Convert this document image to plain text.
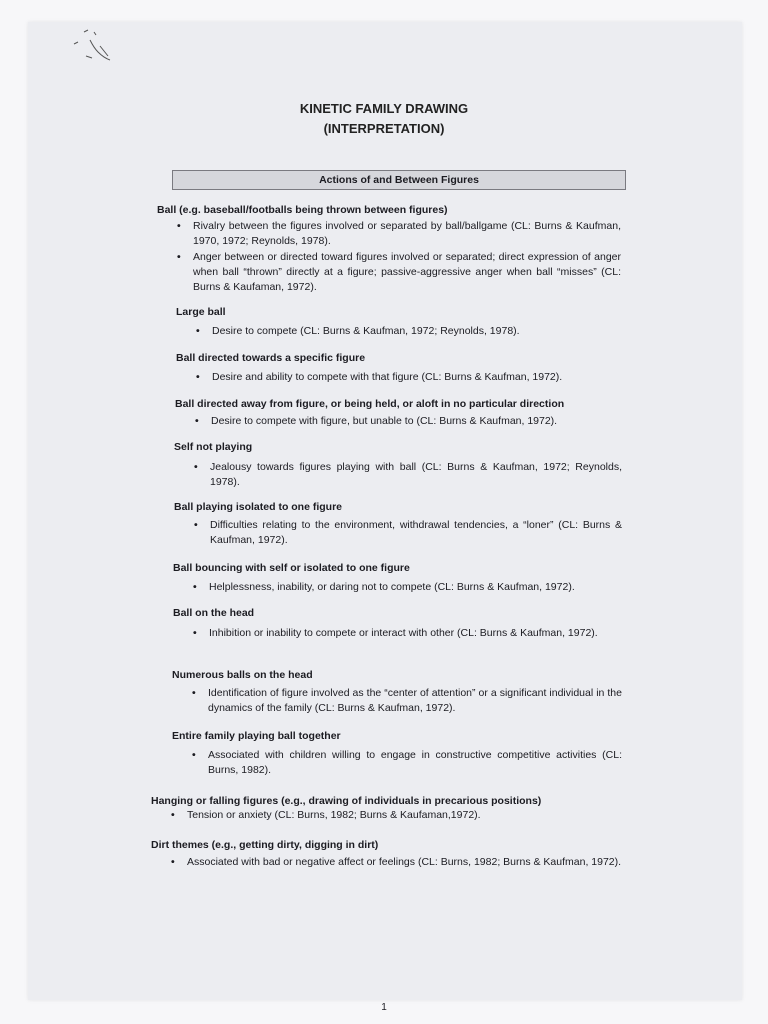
KINETIC FAMILY DRAWING
(INTERPRETATION)
Actions of and Between Figures
Ball (e.g. baseball/footballs being thrown between figures)
• Rivalry between the figures involved or separated by ball/ballgame (CL: Burns & Kaufman, 1970, 1972; Reynolds, 1978).
• Anger between or directed toward figures involved or separated; direct expression of anger when ball “thrown” directly at a figure; passive-aggressive anger when ball “misses” (CL: Burns & Kaufaman, 1972).
Large ball
• Desire to compete (CL: Burns & Kaufman, 1972; Reynolds, 1978).
Ball directed towards a specific figure
• Desire and ability to compete with that figure (CL: Burns & Kaufman, 1972).
Ball directed away from figure, or being held, or aloft in no particular direction
• Desire to compete with figure, but unable to (CL: Burns & Kaufman, 1972).
Self not playing
• Jealousy towards figures playing with ball (CL: Burns & Kaufman, 1972; Reynolds, 1978).
Ball playing isolated to one figure
• Difficulties relating to the environment, withdrawal tendencies, a “loner” (CL: Burns & Kaufman, 1972).
Ball bouncing with self or isolated to one figure
• Helplessness, inability, or daring not to compete (CL: Burns & Kaufman, 1972).
Ball on the head
• Inhibition or inability to compete or interact with other (CL: Burns & Kaufman, 1972).
Numerous balls on the head
• Identification of figure involved as the “center of attention” or a significant individual in the dynamics of the family (CL: Burns & Kaufman, 1972).
Entire family playing ball together
• Associated with children willing to engage in constructive competitive activities (CL: Burns, 1982).
Hanging or falling figures (e.g., drawing of individuals in precarious positions)
• Tension or anxiety (CL: Burns, 1982; Burns & Kaufaman,1972).
Dirt themes (e.g., getting dirty, digging in dirt)
• Associated with bad or negative affect or feelings (CL: Burns, 1982; Burns & Kaufman, 1972).
1
